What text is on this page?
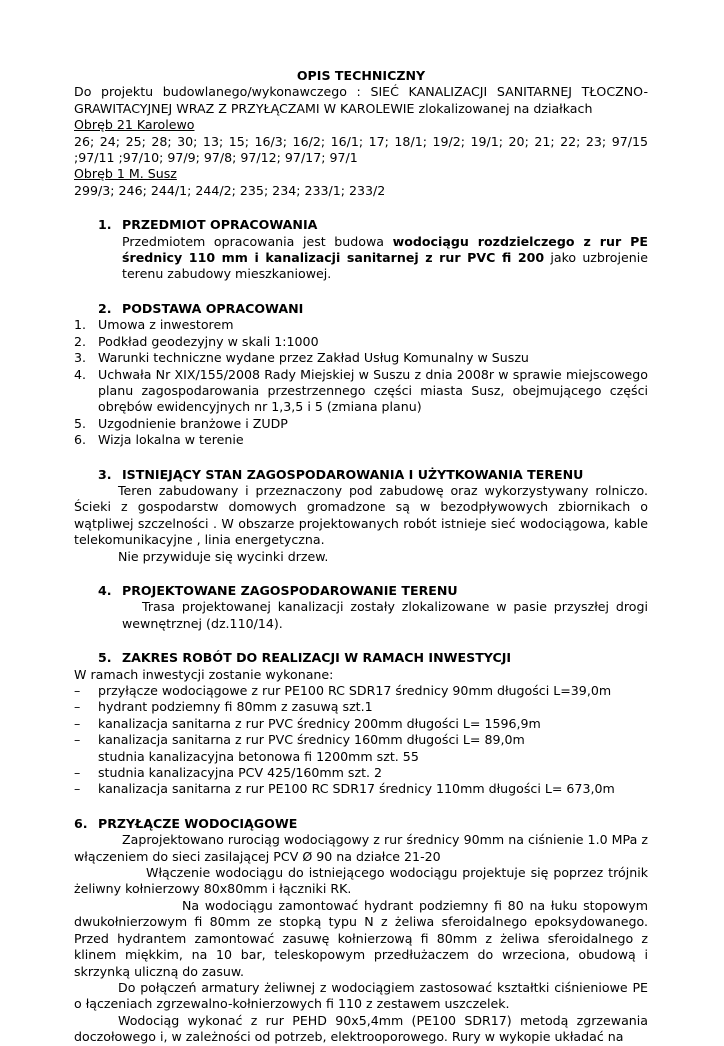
OPIS TECHNICZNY

Do projektu budowlanego/wykonawczego : SIEĆ KANALIZACJI SANITARNEJ TŁOCZNO-GRAWITACYJNEJ WRAZ Z PRZYŁĄCZAMI W KAROLEWIE zlokalizowanej na działkach

Obręb 21 Karolewo

26; 24; 25; 28; 30; 13; 15; 16/3; 16/2; 16/1; 17; 18/1; 19/2; 19/1; 20; 21; 22; 23; 97/15 ;97/11 ;97/10; 97/9; 97/8; 97/12; 97/17; 97/1

Obręb 1 M. Susz

299/3; 246; 244/1; 244/2; 235; 234; 233/1; 233/2

1. PRZEDMIOT OPRACOWANIA

Przedmiotem opracowania jest budowa wodociągu rozdzielczego z rur PE średnicy 110 mm i kanalizacji sanitarnej z rur PVC fi 200 jako uzbrojenie terenu zabudowy mieszkaniowej.

2. PODSTAWA OPRACOWANI
1. Umowa z inwestorem
2. Podkład geodezyjny w skali 1:1000
3. Warunki techniczne wydane przez Zakład Usług Komunalny w Suszu
4. Uchwała Nr XIX/155/2008 Rady Miejskiej w Suszu z dnia 2008r w sprawie miejscowego planu zagospodarowania przestrzennego części miasta Susz, obejmującego części obrębów ewidencyjnych nr 1,3,5 i 5 (zmiana planu)
5. Uzgodnienie branżowe i ZUDP
6. Wizja lokalna w terenie
3. ISTNIEJĄCY STAN ZAGOSPODAROWANIA I UŻYTKOWANIA TERENU

Teren zabudowany i przeznaczony pod zabudowę oraz wykorzystywany rolniczo. Ścieki z gospodarstw domowych gromadzone są w bezodpływowych zbiornikach o wątpliwej szczelności . W obszarze projektowanych robót istnieje sieć wodociągowa, kable telekomunikacyjne , linia energetyczna.

Nie przywiduje się wycinki drzew.

4. PROJEKTOWANE ZAGOSPODAROWANIE TERENU

Trasa projektowanej kanalizacji zostały zlokalizowane w pasie przyszłej drogi wewnętrznej (dz.110/14).

5. ZAKRES ROBÓT DO REALIZACJI W RAMACH INWESTYCJI

W ramach inwestycji zostanie wykonane:

–	przyłącze wodociągowe z rur PE100 RC SDR17 średnicy 90mm długości L=39,0m
–	hydrant podziemny fi 80mm z zasuwą szt.1
–	kanalizacja sanitarna z rur PVC średnicy 200mm długości L= 1596,9m
–	kanalizacja sanitarna z rur PVC średnicy 160mm długości L= 89,0m
studnia kanalizacyjna betonowa fi 1200mm szt. 55
–	studnia kanalizacyjna PCV 425/160mm szt. 2
–	kanalizacja sanitarna z rur PE100 RC SDR17 średnicy 110mm długości L= 673,0m
6. PRZYŁĄCZE WODOCIĄGOWE

Zaprojektowano rurociąg wodociągowy z rur średnicy 90mm na ciśnienie 1.0 MPa z włączeniem do sieci zasilającej PCV Ø 90 na działce 21-20

Włączenie wodociągu do istniejącego wodociągu projektuje się poprzez trójnik żeliwny kołnierzowy 80x80mm i łączniki RK.

Na wodociągu zamontować hydrant podziemny fi 80 na łuku stopowym dwukołnierzowym fi 80mm ze stopką typu N z żeliwa sferoidalnego epoksydowanego. Przed hydrantem zamontować zasuwę kołnierzową fi 80mm z żeliwa sferoidalnego z klinem miękkim, na 10 bar, teleskopowym przedłużaczem do wrzeciona, obudową i skrzynką uliczną do zasuw.

Do połączeń armatury żeliwnej z wodociągiem zastosować kształtki ciśnieniowe PE o łączeniach zgrzewalno-kołnierzowych fi 110 z zestawem uszczelek.

Wodociąg wykonać z rur PEHD 90x5,4mm (PE100 SDR17) metodą zgrzewania doczołowego i, w zależności od potrzeb, elektrooporowego. Rury w wykopie układać na
